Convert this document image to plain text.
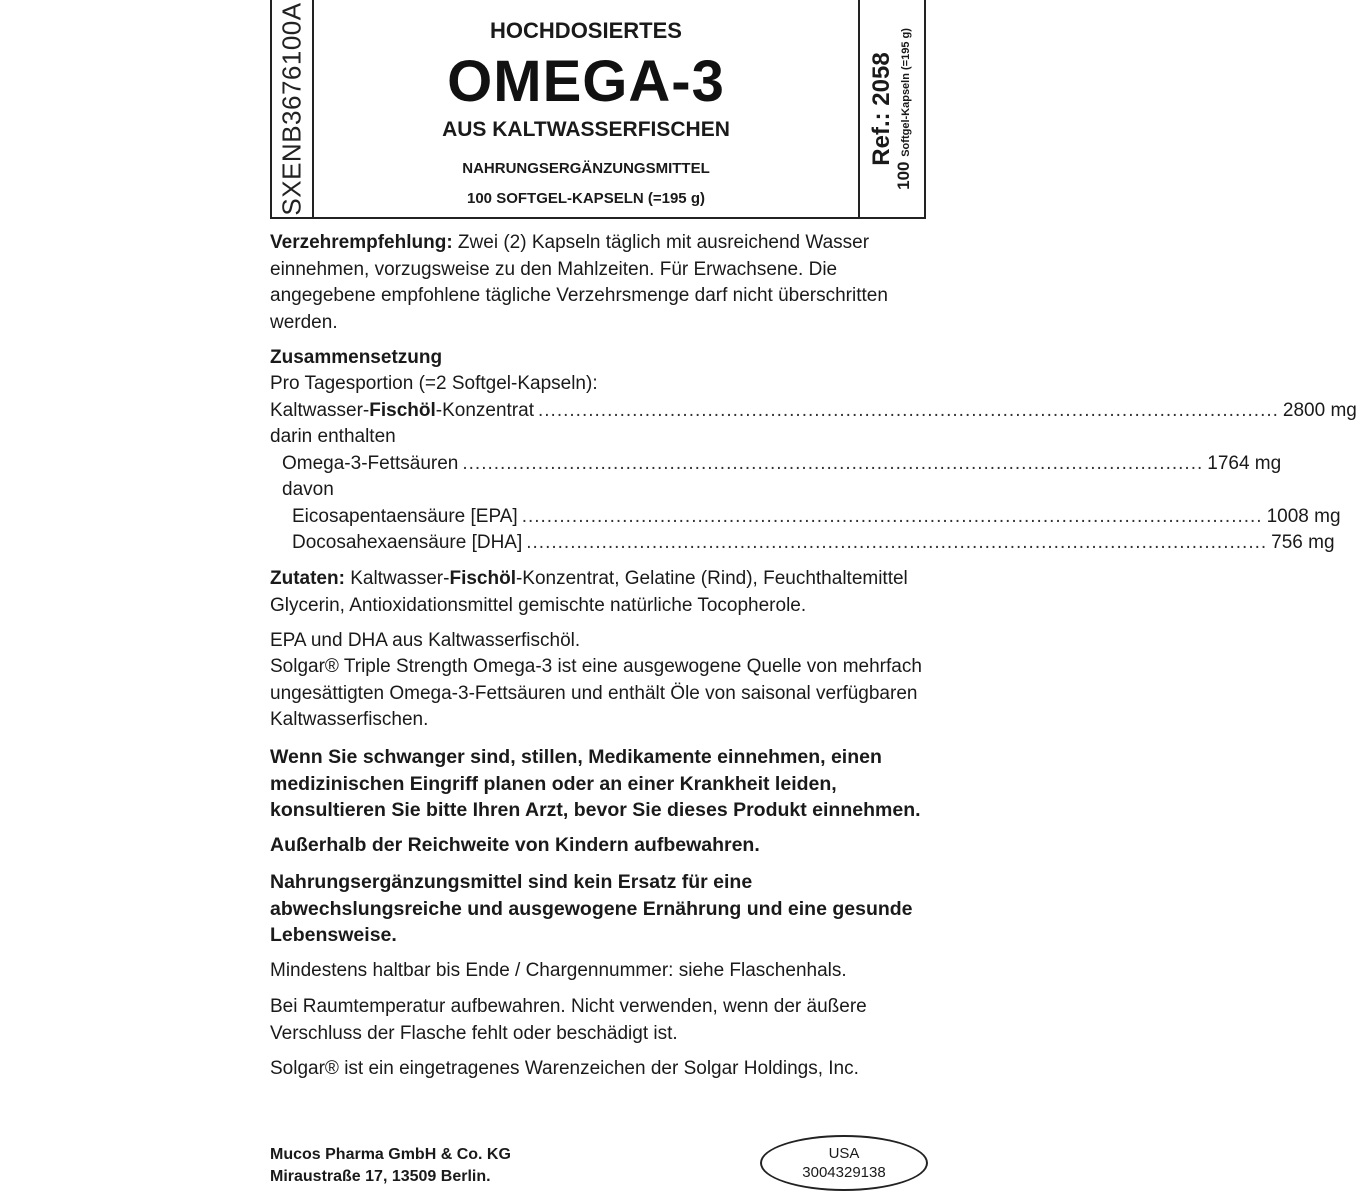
SXENB3676100A	HOCHDOSIERTES
OMEGA-3
AUS KALTWASSERFISCHEN
NAHRUNGSERGÄNZUNGSMITTEL
100 SOFTGEL-KAPSELN (=195 g)
Ref.: 2058
100 Softgel-Kapseln (=195 g)
Verzehrempfehlung: Zwei (2) Kapseln täglich mit ausreichend Wasser einnehmen, vorzugsweise zu den Mahlzeiten. Für Erwachsene. Die angegebene empfohlene tägliche Verzehrsmenge darf nicht überschritten werden.
Zusammensetzung
Pro Tagesportion (=2 Softgel-Kapseln):
Kaltwasser-Fischöl-Konzentrat ...................................................................................................................... 2800 mg
darin enthalten
Omega-3-Fettsäuren ...................................................................................................................... 1764 mg
davon
Eicosapentaensäure [EPA] ...................................................................................................................... 1008 mg
Docosahexaensäure [DHA] ...................................................................................................................... 756 mg
Zutaten: Kaltwasser-Fischöl-Konzentrat, Gelatine (Rind), Feuchthaltemittel Glycerin, Antioxidationsmittel gemischte natürliche Tocopherole.
EPA und DHA aus Kaltwasserfischöl.
Solgar® Triple Strength Omega-3 ist eine ausgewogene Quelle von mehrfach ungesättigten Omega-3-Fettsäuren und enthält Öle von saisonal verfügbaren Kaltwasserfischen.
Wenn Sie schwanger sind, stillen, Medikamente einnehmen, einen medizinischen Eingriff planen oder an einer Krankheit leiden, konsultieren Sie bitte Ihren Arzt, bevor Sie dieses Produkt einnehmen.
Außerhalb der Reichweite von Kindern aufbewahren.
Nahrungsergänzungsmittel sind kein Ersatz für eine abwechslungsreiche und ausgewogene Ernährung und eine gesunde Lebensweise.
Mindestens haltbar bis Ende / Chargennummer: siehe Flaschenhals.
Bei Raumtemperatur aufbewahren. Nicht verwenden, wenn der äußere Verschluss der Flasche fehlt oder beschädigt ist.
Solgar® ist ein eingetragenes Warenzeichen der Solgar Holdings, Inc.
Mucos Pharma GmbH & Co. KG
Miraustraße 17, 13509 Berlin.
USA
3004329138
